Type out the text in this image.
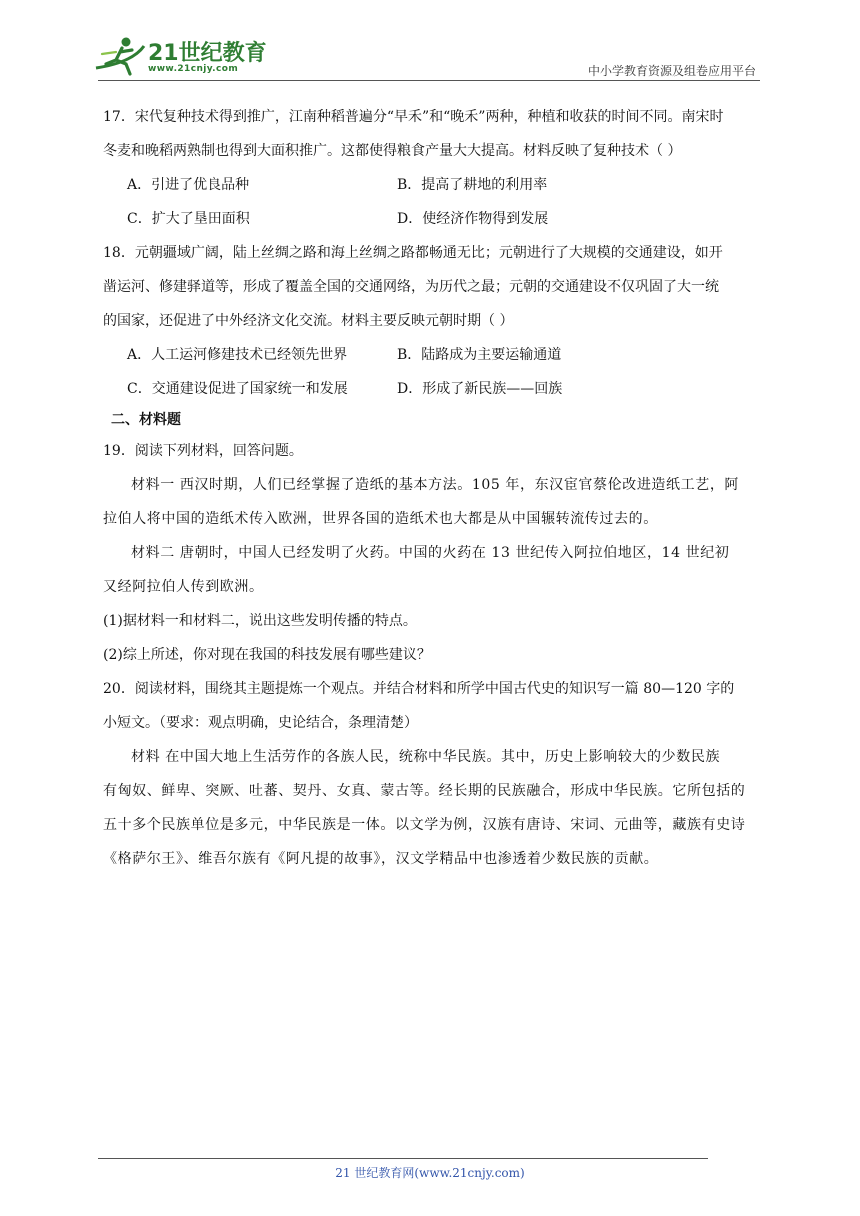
21世纪教育
www.21cnjy.com	中小学教育资源及组卷应用平台
17．宋代复种技术得到推广，江南种稻普遍分“早禾”和“晚禾”两种，种植和收获的时间不同。南宋时
冬麦和晚稻两熟制也得到大面积推广。这都使得粮食产量大大提高。材料反映了复种技术（ ）
A．引进了优良品种	B．提高了耕地的利用率
C．扩大了垦田面积	D．使经济作物得到发展
18．元朝疆域广阔，陆上丝绸之路和海上丝绸之路都畅通无比；元朝进行了大规模的交通建设，如开
凿运河、修建驿道等，形成了覆盖全国的交通网络，为历代之最；元朝的交通建设不仅巩固了大一统
的国家，还促进了中外经济文化交流。材料主要反映元朝时期（ ）
A．人工运河修建技术已经领先世界	B．陆路成为主要运输通道
C．交通建设促进了国家统一和发展	D．形成了新民族——回族
二、材料题
19．阅读下列材料，回答问题。
材料一 西汉时期，人们已经掌握了造纸的基本方法。105 年，东汉宦官蔡伦改进造纸工艺，阿
拉伯人将中国的造纸术传入欧洲，世界各国的造纸术也大都是从中国辗转流传过去的。
材料二 唐朝时，中国人已经发明了火药。中国的火药在 13 世纪传入阿拉伯地区，14 世纪初
又经阿拉伯人传到欧洲。
(1)据材料一和材料二，说出这些发明传播的特点。
(2)综上所述，你对现在我国的科技发展有哪些建议？
20．阅读材料，围绕其主题提炼一个观点。并结合材料和所学中国古代史的知识写一篇 80—120 字的
小短文。（要求：观点明确，史论结合，条理清楚）
材料 在中国大地上生活劳作的各族人民，统称中华民族。其中，历史上影响较大的少数民族
有匈奴、鲜卑、突厥、吐蕃、契丹、女真、蒙古等。经长期的民族融合，形成中华民族。它所包括的
五十多个民族单位是多元，中华民族是一体。以文学为例，汉族有唐诗、宋词、元曲等，藏族有史诗
《格萨尔王》、维吾尔族有《阿凡提的故事》，汉文学精品中也渗透着少数民族的贡献。
21 世纪教育网(www.21cnjy.com)
